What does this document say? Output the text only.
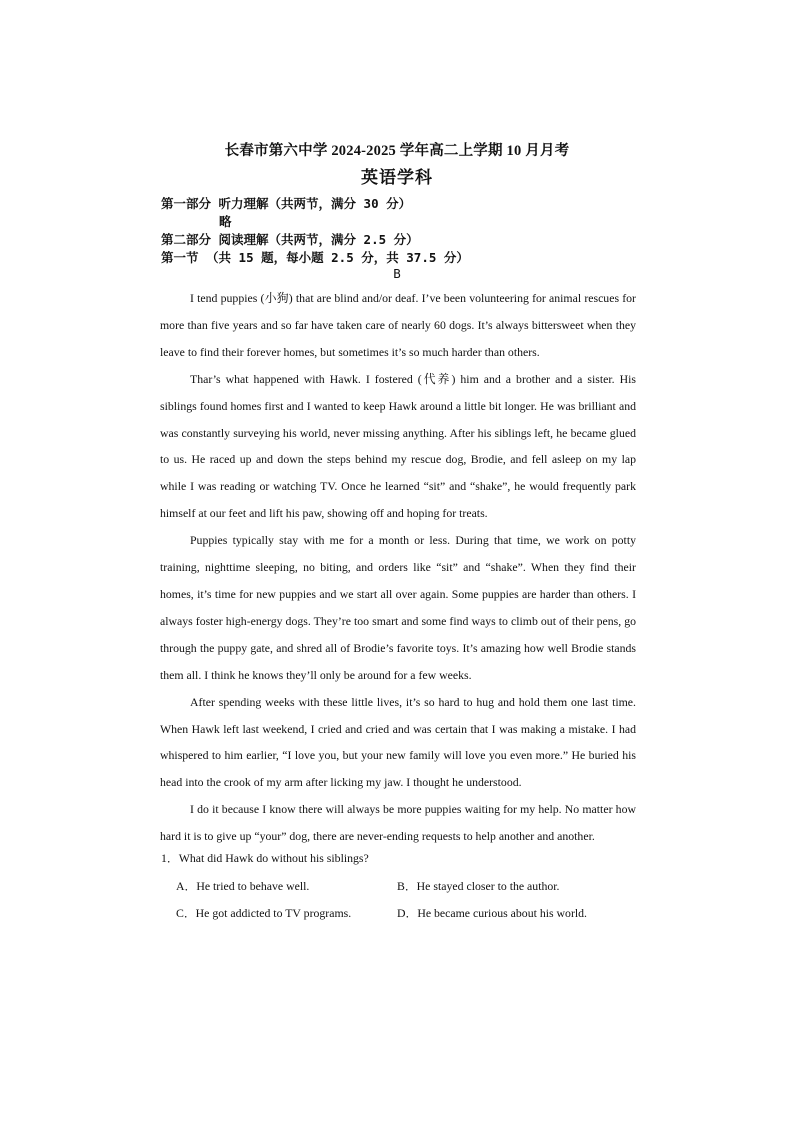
长春市第六中学 2024-2025 学年高二上学期 10 月月考
英语学科
第一部分 听力理解（共两节，满分 30 分）
略
第二部分 阅读理解（共两节，满分 2.5 分）
第一节 （共 15 题，每小题 2.5 分，共 37.5 分）
B

I tend puppies (小狗) that are blind and/or deaf. I’ve been volunteering for animal rescues for more than five years and so far have taken care of nearly 60 dogs. It’s always bittersweet when they leave to find their forever homes, but sometimes it’s so much harder than others.

Thar’s what happened with Hawk. I fostered (代养) him and a brother and a sister. His siblings found homes first and I wanted to keep Hawk around a little bit longer. He was brilliant and was constantly surveying his world, never missing anything. After his siblings left, he became glued to us. He raced up and down the steps behind my rescue dog, Brodie, and fell asleep on my lap while I was reading or watching TV. Once he learned “sit” and “shake”, he would frequently park himself at our feet and lift his paw, showing off and hoping for treats.

Puppies typically stay with me for a month or less. During that time, we work on potty training, nighttime sleeping, no biting, and orders like “sit” and “shake”. When they find their homes, it’s time for new puppies and we start all over again. Some puppies are harder than others. I always foster high-energy dogs. They’re too smart and some find ways to climb out of their pens, go through the puppy gate, and shred all of Brodie’s favorite toys. It’s amazing how well Brodie stands them all. I think he knows they’ll only be around for a few weeks.

After spending weeks with these little lives, it’s so hard to hug and hold them one last time. When Hawk left last weekend, I cried and cried and was certain that I was making a mistake. I had whispered to him earlier, “I love you, but your new family will love you even more.” He buried his head into the crook of my arm after licking my jaw. I thought he understood.

I do it because I know there will always be more puppies waiting for my help. No matter how hard it is to give up “your” dog, there are never-ending requests to help another and another.

1．What did Hawk do without his siblings?
A．He tried to behave well.	B．He stayed closer to the author.
C．He got addicted to TV programs.	D．He became curious about his world.
